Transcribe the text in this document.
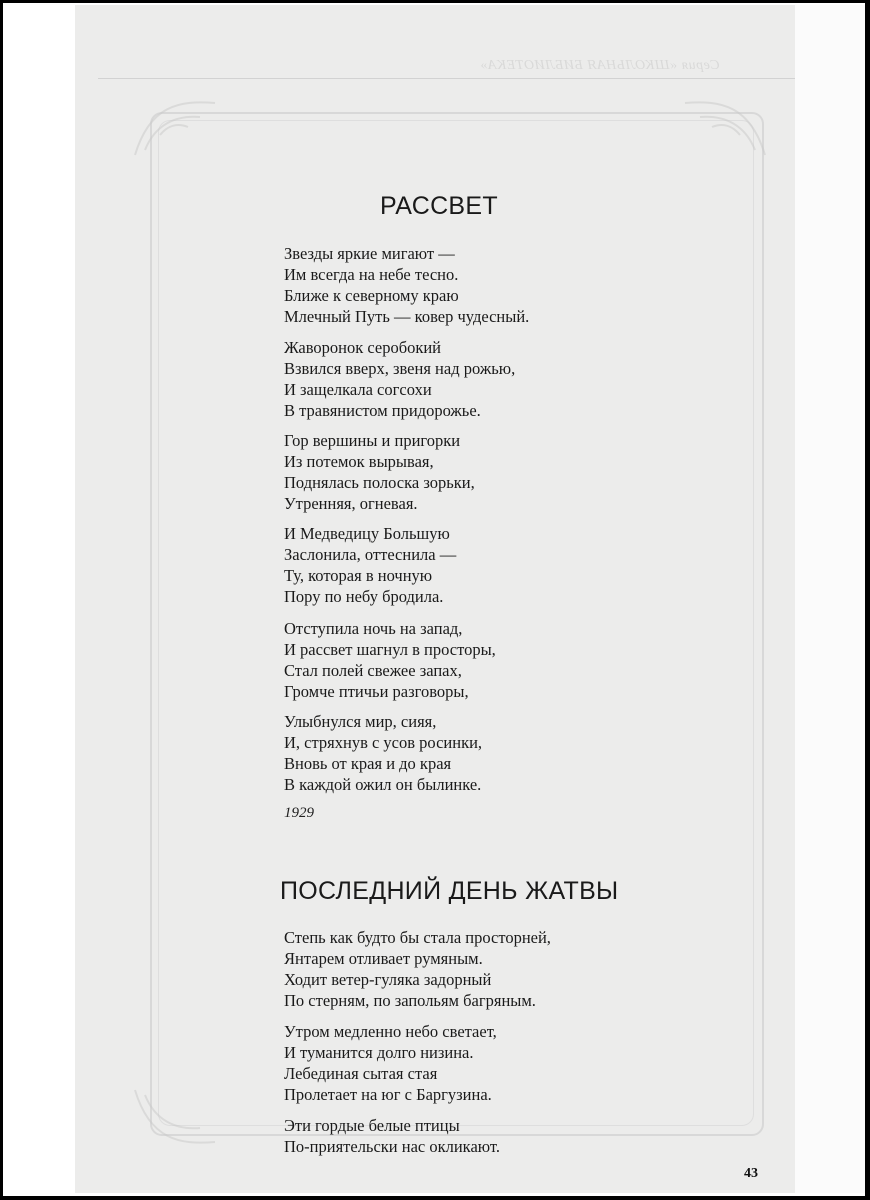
Серия «ШКОЛЬНАЯ БИБЛИОТЕКА»
РАССВЕТ
Звезды яркие мигают —
Им всегда на небе тесно.
Ближе к северному краю
Млечный Путь — ковер чудесный.
Жаворонок серобокий
Взвился вверх, звеня над рожью,
И защелкала согсохи
В травянистом придорожье.
Гор вершины и пригорки
Из потемок вырывая,
Поднялась полоска зорьки,
Утренняя, огневая.
И Медведицу Большую
Заслонила, оттеснила —
Ту, которая в ночную
Пору по небу бродила.
Отступила ночь на запад,
И рассвет шагнул в просторы,
Стал полей свежее запах,
Громче птичьи разговоры,
Улыбнулся мир, сияя,
И, стряхнув с усов росинки,
Вновь от края и до края
В каждой ожил он былинке.
1929
ПОСЛЕДНИЙ ДЕНЬ ЖАТВЫ
Степь как будто бы стала просторней,
Янтарем отливает румяным.
Ходит ветер-гуляка задорный
По стерням, по запольям багряным.
Утром медленно небо светает,
И туманится долго низина.
Лебединая сытая стая
Пролетает на юг с Баргузина.
Эти гордые белые птицы
По-приятельски нас окликают.
43
